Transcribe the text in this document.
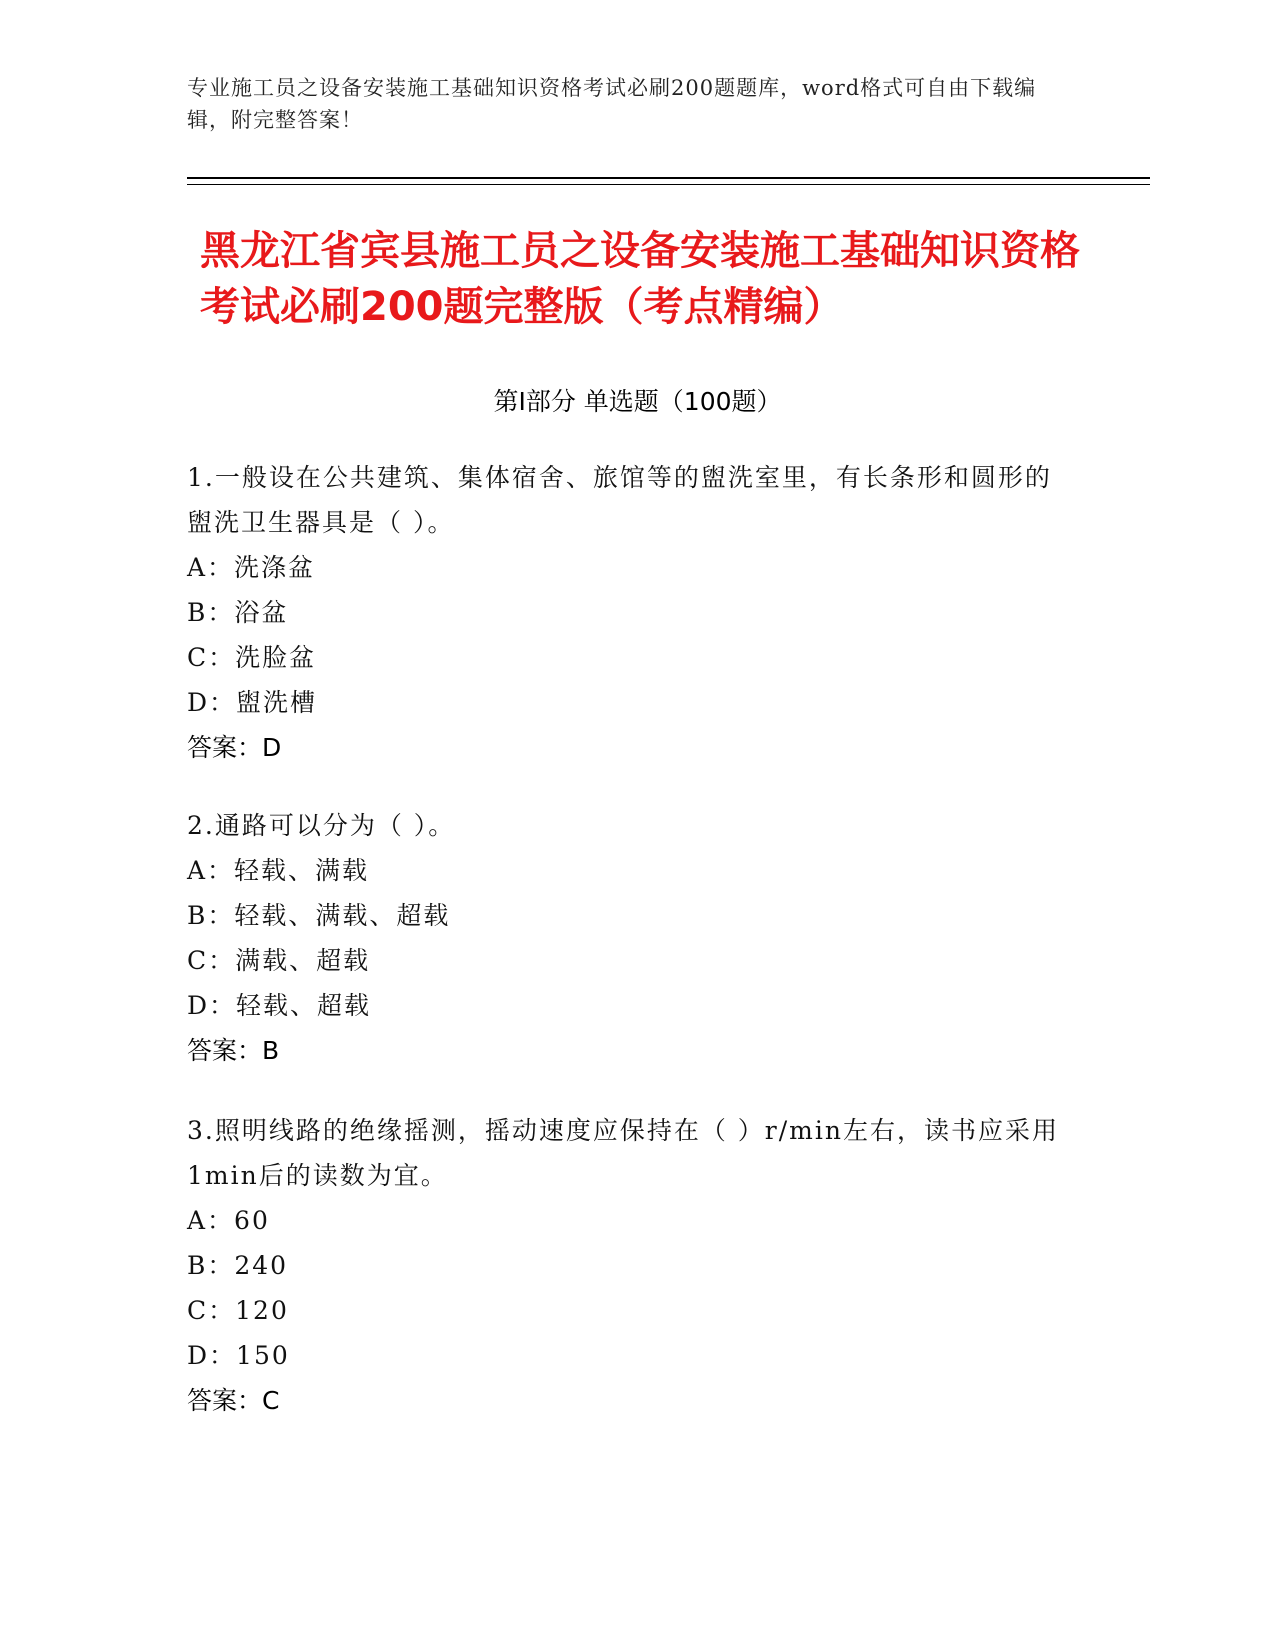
专业施工员之设备安装施工基础知识资格考试必刷200题题库，word格式可自由下载编辑，附完整答案！
黑龙江省宾县施工员之设备安装施工基础知识资格考试必刷200题完整版（考点精编）
第Ⅰ部分 单选题（100题）

1.一般设在公共建筑、集体宿舍、旅馆等的盥洗室里，有长条形和圆形的盥洗卫生器具是（ ）。

A：洗涤盆

B：浴盆

C：洗脸盆

D：盥洗槽

答案：D

2.通路可以分为（ ）。

A：轻载、满载

B：轻载、满载、超载

C：满载、超载

D：轻载、超载

答案：B

3.照明线路的绝缘摇测，摇动速度应保持在（ ）r/min左右，读书应采用1min后的读数为宜。

A：60

B：240

C：120

D：150

答案：C
